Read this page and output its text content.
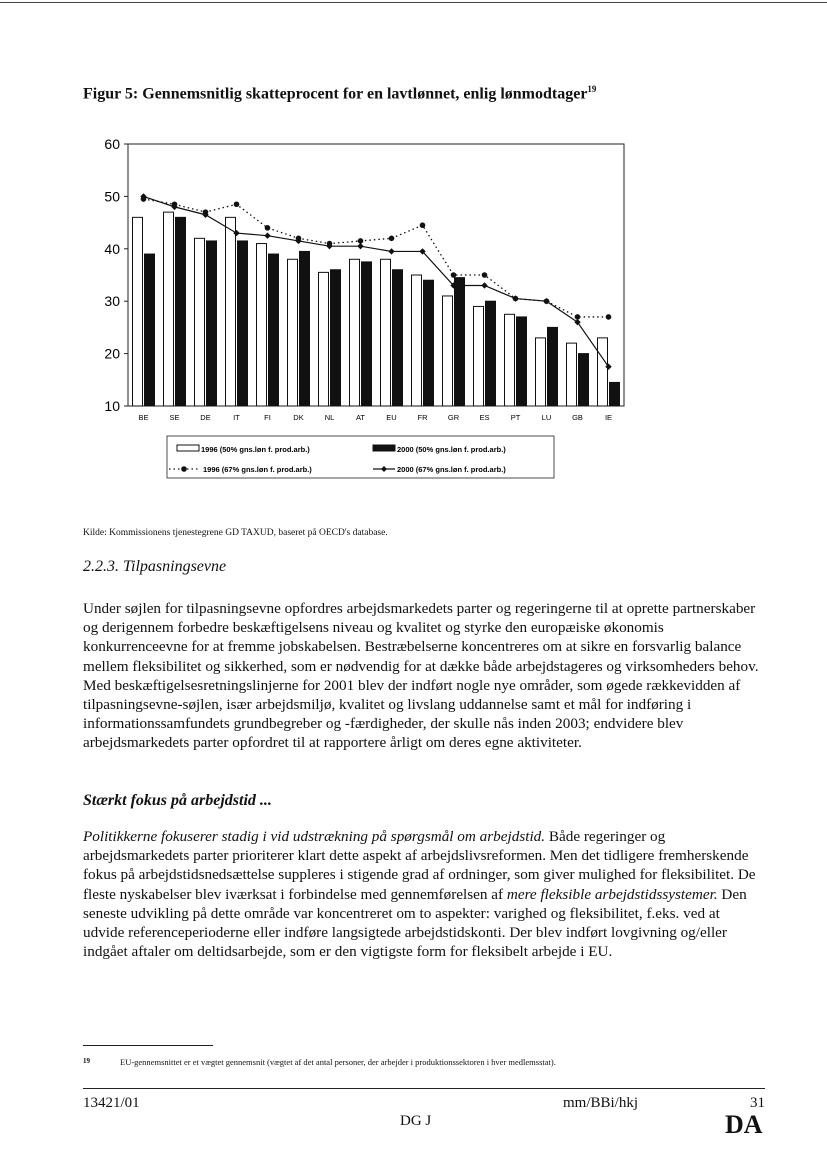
Figur 5: Gennemsnitlig skatteprocent for en lavtlønnet, enlig lønmodtager$^{19}$
10
20
30
40
50
60
BE	SE	DE	IT	FI	DK	NL	AT	EU	FR	GR	ES	PT	LU	GB	IE
1996 (50% gns.løn f. prod.arb.)	2000 (50% gns.løn f. prod.arb.)
1996 (67% gns.løn f. prod.arb.)	2000 (67% gns.løn f. prod.arb.)
Kilde: Kommissionens tjenestegrene GD TAXUD, baseret på OECD's database.
2.2.3. Tilpasningsevne

Under søjlen for tilpasningsevne opfordres arbejdsmarkedets parter og regeringerne til at oprette partnerskaber og derigennem forbedre beskæftigelsens niveau og kvalitet og styrke den europæiske økonomis konkurrenceevne for at fremme jobskabelsen. Bestræbelserne koncentreres om at sikre en forsvarlig balance mellem fleksibilitet og sikkerhed, som er nødvendig for at dække både arbejdstageres og virksomheders behov. Med beskæftigelsesretningslinjerne for 2001 blev der indført nogle nye områder, som øgede rækkevidden af tilpasningsevne-søjlen, især arbejdsmiljø, kvalitet og livslang uddannelse samt et mål for indføring i informationssamfundets grundbegreber og -færdigheder, der skulle nås inden 2003; endvidere blev arbejdsmarkedets parter opfordret til at rapportere årligt om deres egne aktiviteter.

Stærkt fokus på arbejdstid ...

Politikkerne fokuserer stadig i vid udstrækning på spørgsmål om arbejdstid. Både regeringer og arbejdsmarkedets parter prioriterer klart dette aspekt af arbejdslivsreformen. Men det tidligere fremherskende fokus på arbejdstidsnedsættelse suppleres i stigende grad af ordninger, som giver mulighed for fleksibilitet. De fleste nyskabelser blev iværksat i forbindelse med gennemførelsen af mere fleksible arbejdstidssystemer. Den seneste udvikling på dette område var koncentreret om to aspekter: varighed og fleksibilitet, f.eks. ved at udvide referenceperioderne eller indføre langsigtede arbejdstidskonti. Der blev indført lovgivning og/eller indgået aftaler om deltidsarbejde, som er den vigtigste form for fleksibelt arbejde i EU.

19	EU-gennemsnittet er et vægtet gennemsnit (vægtet af det antal personer, der arbejder i produktionssektoren i hver medlemsstat).
13421/01	mm/BBi/hkj	31
DG J	DA
